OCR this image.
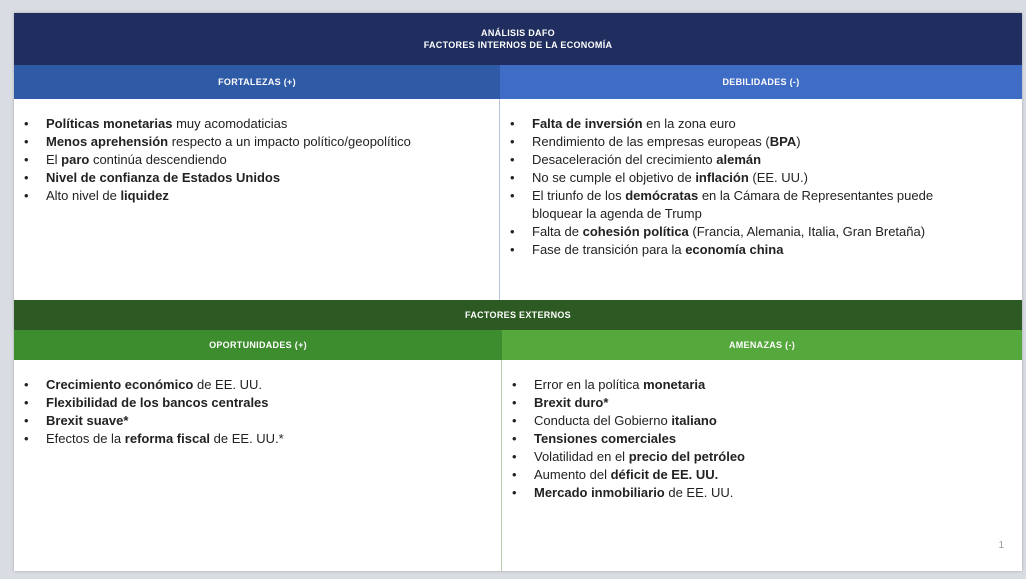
ANÁLISIS DAFO
FACTORES INTERNOS DE LA ECONOMÍA
FORTALEZAS (+)	DEBILIDADES (-)
• Políticas monetarias muy acomodaticias
• Menos aprehensión respecto a un impacto político/geopolítico
• El paro continúa descendiendo
• Nivel de confianza de Estados Unidos
• Alto nivel de liquidez
• Falta de inversión en la zona euro
• Rendimiento de las empresas europeas (BPA)
• Desaceleración del crecimiento alemán
• No se cumple el objetivo de inflación (EE. UU.)
• El triunfo de los demócratas en la Cámara de Representantes puede
bloquear la agenda de Trump
• Falta de cohesión política (Francia, Alemania, Italia, Gran Bretaña)
• Fase de transición para la economía china
FACTORES EXTERNOS
OPORTUNIDADES (+)	AMENAZAS (-)
• Crecimiento económico de EE. UU.
• Flexibilidad de los bancos centrales
• Brexit suave*
• Efectos de la reforma fiscal de EE. UU.*
• Error en la política monetaria
• Brexit duro*
• Conducta del Gobierno italiano
• Tensiones comerciales
• Volatilidad en el precio del petróleo
• Aumento del déficit de EE. UU.
• Mercado inmobiliario de EE. UU.
1
